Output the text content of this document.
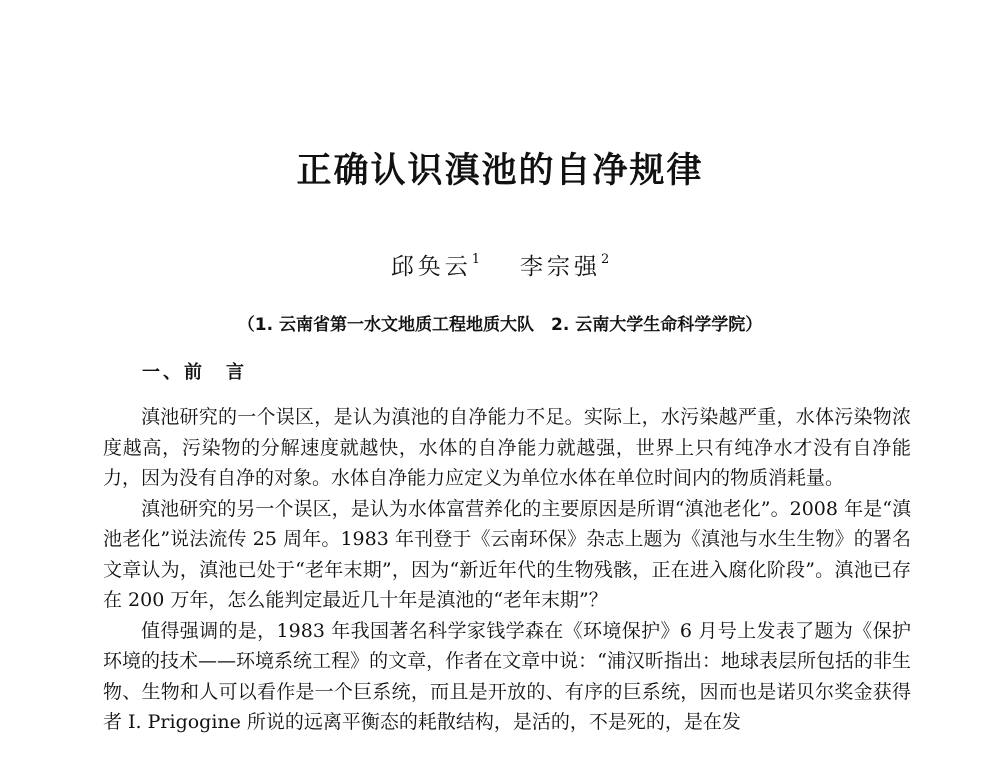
正确认识滇池的自净规律
邱奂云$^1$ 李宗强$^2$
（1. 云南省第一水文地质工程地质大队　2. 云南大学生命科学学院）
一、前　言

滇池研究的一个误区，是认为滇池的自净能力不足。实际上，水污染越严重，水体污染物浓度越高，污染物的分解速度就越快，水体的自净能力就越强，世界上只有纯净水才没有自净能力，因为没有自净的对象。水体自净能力应定义为单位水体在单位时间内的物质消耗量。

滇池研究的另一个误区，是认为水体富营养化的主要原因是所谓“滇池老化”。2008 年是“滇池老化”说法流传 25 周年。1983 年刊登于《云南环保》杂志上题为《滇池与水生生物》的署名文章认为，滇池已处于“老年末期”，因为“新近年代的生物残骸，正在进入腐化阶段”。滇池已存在 200 万年，怎么能判定最近几十年是滇池的“老年末期”？

值得强调的是，1983 年我国著名科学家钱学森在《环境保护》6 月号上发表了题为《保护环境的技术——环境系统工程》的文章，作者在文章中说：“浦汉昕指出：地球表层所包括的非生物、生物和人可以看作是一个巨系统，而且是开放的、有序的巨系统，因而也是诺贝尔奖金获得者 I. Prigogine 所说的远离平衡态的耗散结构，是活的，不是死的，是在发
